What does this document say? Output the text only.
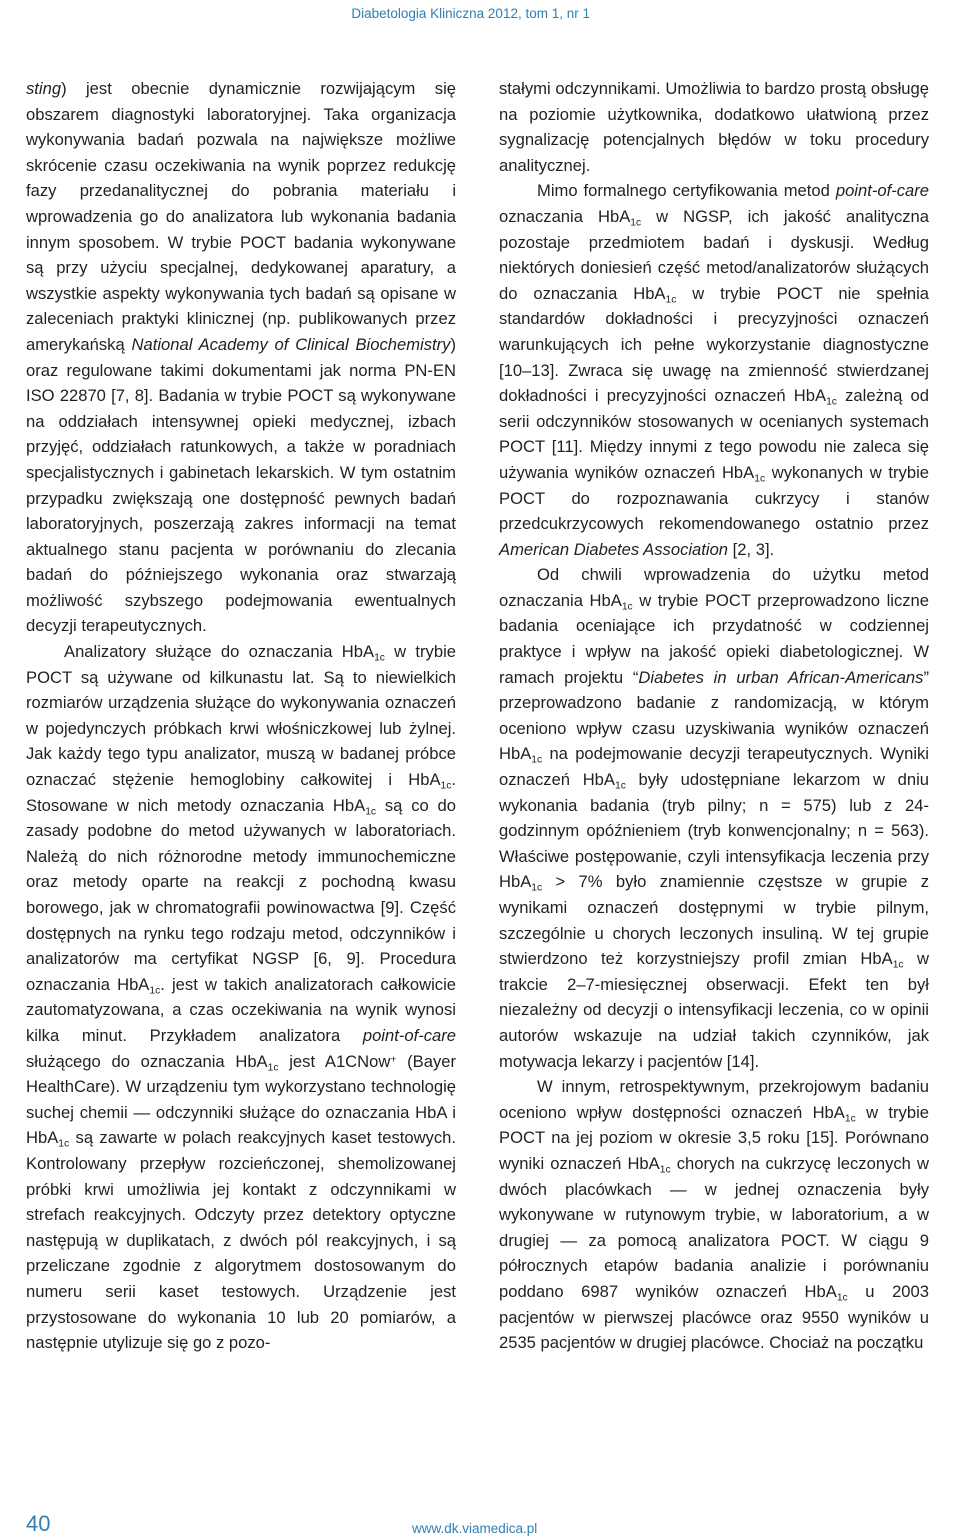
Diabetologia Kliniczna 2012, tom 1, nr 1

sting) jest obecnie dynamicznie rozwijającym się obszarem diagnostyki laboratoryjnej. Taka organizacja wykonywania badań pozwala na największe możliwe skrócenie czasu oczekiwania na wynik poprzez redukcję fazy przedanalitycznej do pobrania materiału i wprowadzenia go do analizatora lub wykonania badania innym sposobem. W trybie POCT badania wykonywane są przy użyciu specjalnej, dedykowanej aparatury, a wszystkie aspekty wykonywania tych badań są opisane w zaleceniach praktyki klinicznej (np. publikowanych przez amerykańską National Academy of Clinical Biochemistry) oraz regulowane takimi dokumentami jak norma PN-EN ISO 22870 [7, 8]. Badania w trybie POCT są wykonywane na oddziałach intensywnej opieki medycznej, izbach przyjęć, oddziałach ratunkowych, a także w poradniach specjalistycznych i gabinetach lekarskich. W tym ostatnim przypadku zwiększają one dostępność pewnych badań laboratoryjnych, poszerzają zakres informacji na temat aktualnego stanu pacjenta w porównaniu do zlecania badań do późniejszego wykonania oraz stwarzają możliwość szybszego podejmowania ewentualnych decyzji terapeutycznych.

Analizatory służące do oznaczania HbA$_{1c}$ w trybie POCT są używane od kilkunastu lat. Są to niewielkich rozmiarów urządzenia służące do wykonywania oznaczeń w pojedynczych próbkach krwi włośniczkowej lub żylnej. Jak każdy tego typu analizator, muszą w badanej próbce oznaczać stężenie hemoglobiny całkowitej i HbA$_{1c}$. Stosowane w nich metody oznaczania HbA$_{1c}$ są co do zasady podobne do metod używanych w laboratoriach. Należą do nich różnorodne metody immunochemiczne oraz metody oparte na reakcji z pochodną kwasu borowego, jak w chromatografii powinowactwa [9]. Część dostępnych na rynku tego rodzaju metod, odczynników i analizatorów ma certyfikat NGSP [6, 9]. Procedura oznaczania HbA$_{1c}$. jest w takich analizatorach całkowicie zautomatyzowana, a czas oczekiwania na wynik wynosi kilka minut. Przykładem analizatora point-of-care służącego do oznaczania HbA$_{1c}$ jest A1CNow+ (Bayer HealthCare). W urządzeniu tym wykorzystano technologię suchej chemii — odczynniki służące do oznaczania HbA i HbA$_{1c}$ są zawarte w polach reakcyjnych kaset testowych. Kontrolowany przepływ rozcieńczonej, shemolizowanej próbki krwi umożliwia jej kontakt z odczynnikami w strefach reakcyjnych. Odczyty przez detektory optyczne następują w duplikatach, z dwóch pól reakcyjnych, i są przeliczane zgodnie z algorytmem dostosowanym do numeru serii kaset testowych. Urządzenie jest przystosowane do wykonania 10 lub 20 pomiarów, a następnie utylizuje się go z pozo-

stałymi odczynnikami. Umożliwia to bardzo prostą obsługę na poziomie użytkownika, dodatkowo ułatwioną przez sygnalizację potencjalnych błędów w toku procedury analitycznej.

Mimo formalnego certyfikowania metod point-of-care oznaczania HbA$_{1c}$ w NGSP, ich jakość analityczna pozostaje przedmiotem badań i dyskusji. Według niektórych doniesień część metod/analizatorów służących do oznaczania HbA$_{1c}$ w trybie POCT nie spełnia standardów dokładności i precyzyjności oznaczeń warunkujących ich pełne wykorzystanie diagnostyczne [10–13]. Zwraca się uwagę na zmienność stwierdzanej dokładności i precyzyjności oznaczeń HbA$_{1c}$ zależną od serii odczynników stosowanych w ocenianych systemach POCT [11]. Między innymi z tego powodu nie zaleca się używania wyników oznaczeń HbA$_{1c}$ wykonanych w trybie POCT do rozpoznawania cukrzycy i stanów przedcukrzycowych rekomendowanego ostatnio przez American Diabetes Association [2, 3].

Od chwili wprowadzenia do użytku metod oznaczania HbA$_{1c}$ w trybie POCT przeprowadzono liczne badania oceniające ich przydatność w codziennej praktyce i wpływ na jakość opieki diabetologicznej. W ramach projektu “Diabetes in urban African-Americans” przeprowadzono badanie z randomizacją, w którym oceniono wpływ czasu uzyskiwania wyników oznaczeń HbA$_{1c}$ na podejmowanie decyzji terapeutycznych. Wyniki oznaczeń HbA$_{1c}$ były udostępniane lekarzom w dniu wykonania badania (tryb pilny; n = 575) lub z 24-godzinnym opóźnieniem (tryb konwencjonalny; n = 563). Właściwe postępowanie, czyli intensyfikacja leczenia przy HbA$_{1c}$ > 7% było znamiennie częstsze w grupie z wynikami oznaczeń dostępnymi w trybie pilnym, szczególnie u chorych leczonych insuliną. W tej grupie stwierdzono też korzystniejszy profil zmian HbA$_{1c}$ w trakcie 2–7-miesięcznej obserwacji. Efekt ten był niezależny od decyzji o intensyfikacji leczenia, co w opinii autorów wskazuje na udział takich czynników, jak motywacja lekarzy i pacjentów [14].

W innym, retrospektywnym, przekrojowym badaniu oceniono wpływ dostępności oznaczeń HbA$_{1c}$ w trybie POCT na jej poziom w okresie 3,5 roku [15]. Porównano wyniki oznaczeń HbA$_{1c}$ chorych na cukrzycę leczonych w dwóch placówkach — w jednej oznaczenia były wykonywane w rutynowym trybie, w laboratorium, a w drugiej — za pomocą analizatora POCT. W ciągu 9 półrocznych etapów badania analizie i porównaniu poddano 6987 wyników oznaczeń HbA$_{1c}$ u 2003 pacjentów w pierwszej placówce oraz 9550 wyników u 2535 pacjentów w drugiej placówce. Chociaż na początku

40	www.dk.viamedica.pl
